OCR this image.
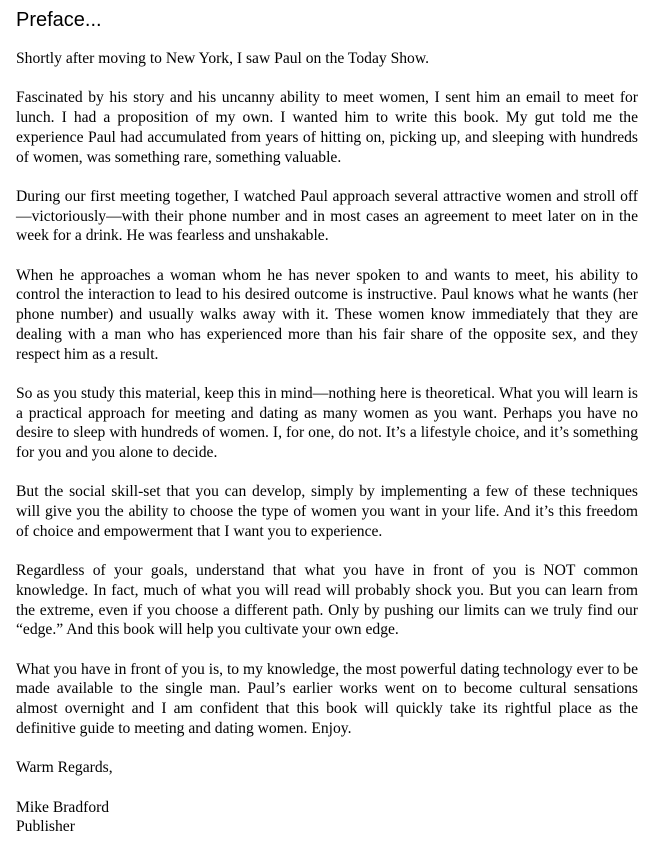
Preface...

Shortly after moving to New York, I saw Paul on the Today Show.

Fascinated by his story and his uncanny ability to meet women, I sent him an email to meet for lunch. I had a proposition of my own. I wanted him to write this book. My gut told me the experience Paul had accumulated from years of hitting on, picking up, and sleeping with hundreds of women, was something rare, something valuable.

During our first meeting together, I watched Paul approach several attractive women and stroll off—victoriously—with their phone number and in most cases an agreement to meet later on in the week for a drink. He was fearless and unshakable.

When he approaches a woman whom he has never spoken to and wants to meet, his ability to control the interaction to lead to his desired outcome is instructive. Paul knows what he wants (her phone number) and usually walks away with it. These women know immediately that they are dealing with a man who has experienced more than his fair share of the opposite sex, and they respect him as a result.

So as you study this material, keep this in mind—nothing here is theoretical. What you will learn is a practical approach for meeting and dating as many women as you want. Perhaps you have no desire to sleep with hundreds of women. I, for one, do not. It’s a lifestyle choice, and it’s something for you and you alone to decide.

But the social skill-set that you can develop, simply by implementing a few of these techniques will give you the ability to choose the type of women you want in your life. And it’s this freedom of choice and empowerment that I want you to experience.

Regardless of your goals, understand that what you have in front of you is NOT common knowledge. In fact, much of what you will read will probably shock you. But you can learn from the extreme, even if you choose a different path. Only by pushing our limits can we truly find our “edge.” And this book will help you cultivate your own edge.

What you have in front of you is, to my knowledge, the most powerful dating technology ever to be made available to the single man. Paul’s earlier works went on to become cultural sensations almost overnight and I am confident that this book will quickly take its rightful place as the definitive guide to meeting and dating women. Enjoy.

Warm Regards,

Mike Bradford
Publisher
